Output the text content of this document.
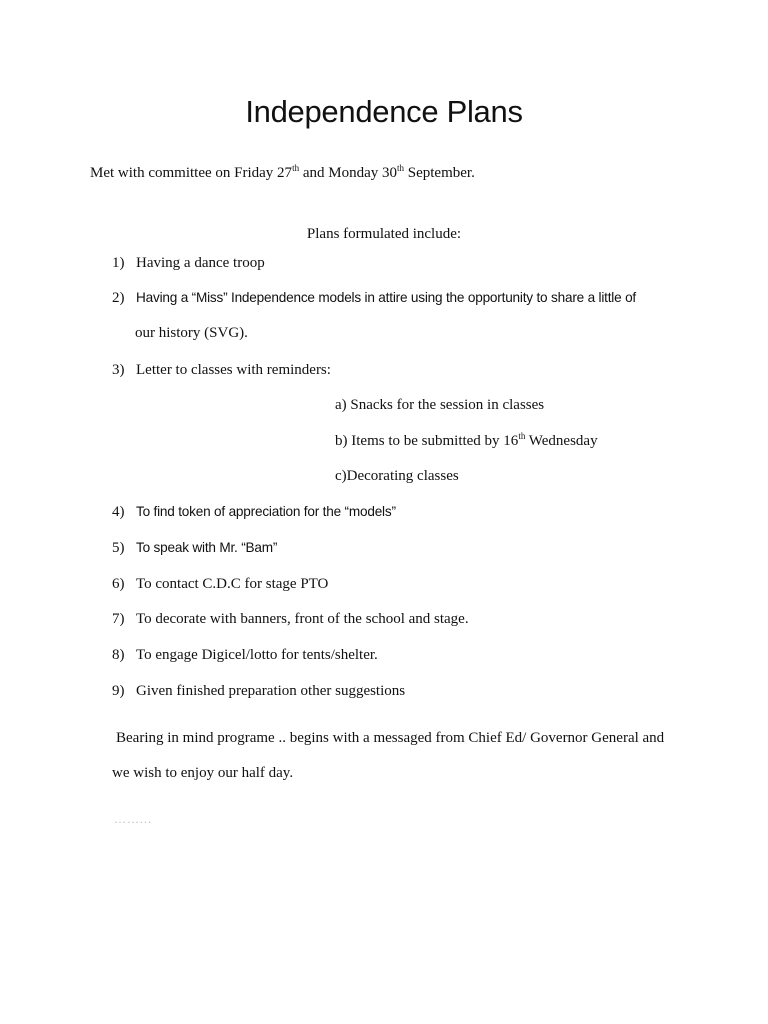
Independence Plans
Met with committee on Friday 27th and Monday 30th September.
Plans formulated include:
1) Having a dance troop
2) Having a “Miss” Independence models in attire using the opportunity to share a little of
our history (SVG).
3) Letter to classes with reminders:
a) Snacks for the session in classes
b) Items to be submitted by 16th Wednesday
c)Decorating classes
4) To find token of appreciation for the “models”
5) To speak with Mr. “Bam”
6) To contact C.D.C for stage PTO
7) To decorate with banners, front of the school and stage.
8) To engage Digicel/lotto for tents/shelter.
9) Given finished preparation other suggestions
Bearing in mind programe .. begins with a messaged from Chief Ed/ Governor General and
we wish to enjoy our half day.
……...
